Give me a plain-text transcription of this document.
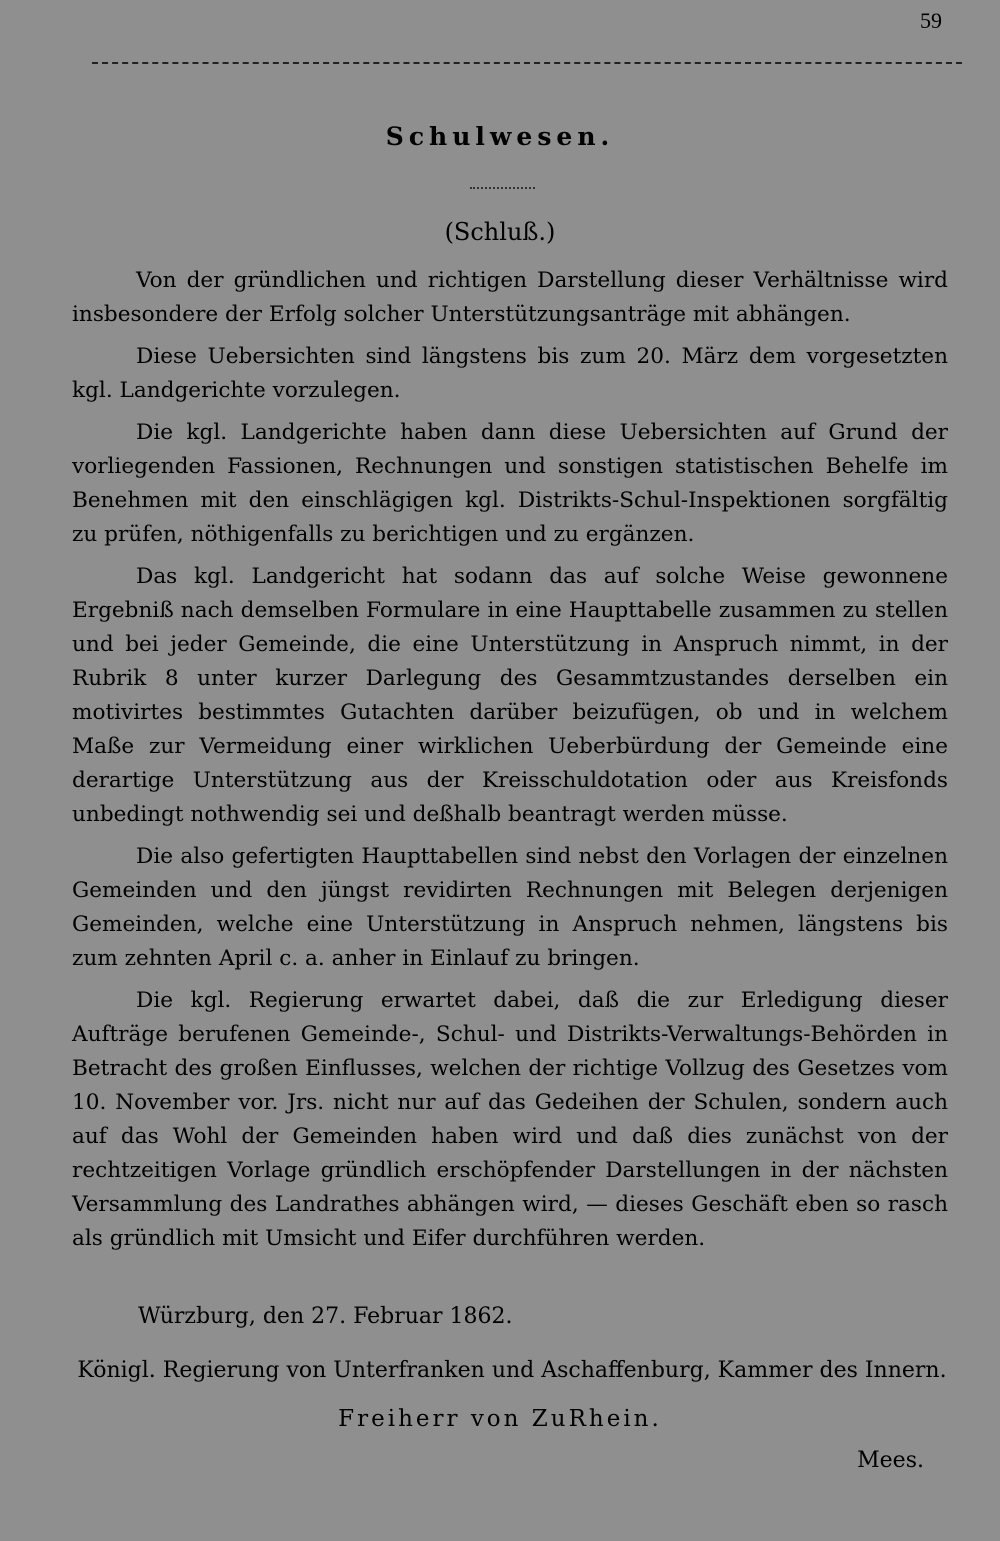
59
Schulwesen.
(Schluß.)

Von der gründlichen und richtigen Darstellung dieser Verhältnisse wird insbesondere der Erfolg solcher Unterstützungsanträge mit abhängen.

Diese Uebersichten sind längstens bis zum 20. März dem vorgesetzten kgl. Landgerichte vorzulegen.

Die kgl. Landgerichte haben dann diese Uebersichten auf Grund der vorliegenden Fassionen, Rechnungen und sonstigen statistischen Behelfe im Benehmen mit den einschlägigen kgl. Distrikts-Schul-Inspektionen sorgfältig zu prüfen, nöthigenfalls zu berichtigen und zu ergänzen.

Das kgl. Landgericht hat sodann das auf solche Weise gewonnene Ergebniß nach demselben Formulare in eine Haupttabelle zusammen zu stellen und bei jeder Gemeinde, die eine Unterstützung in Anspruch nimmt, in der Rubrik 8 unter kurzer Darlegung des Gesammtzustandes derselben ein motivirtes bestimmtes Gutachten darüber beizufügen, ob und in welchem Maße zur Vermeidung einer wirklichen Ueberbürdung der Gemeinde eine derartige Unterstützung aus der Kreisschuldotation oder aus Kreisfonds unbedingt nothwendig sei und deßhalb beantragt werden müsse.

Die also gefertigten Haupttabellen sind nebst den Vorlagen der einzelnen Gemeinden und den jüngst revidirten Rechnungen mit Belegen derjenigen Gemeinden, welche eine Unterstützung in Anspruch nehmen, längstens bis zum zehnten April c. a. anher in Einlauf zu bringen.

Die kgl. Regierung erwartet dabei, daß die zur Erledigung dieser Aufträge berufenen Gemeinde-, Schul- und Distrikts-Verwaltungs-Behörden in Betracht des großen Einflusses, welchen der richtige Vollzug des Gesetzes vom 10. November vor. Jrs. nicht nur auf das Gedeihen der Schulen, sondern auch auf das Wohl der Gemeinden haben wird und daß dies zunächst von der rechtzeitigen Vorlage gründlich erschöpfender Darstellungen in der nächsten Versammlung des Landrathes abhängen wird, — dieses Geschäft eben so rasch als gründlich mit Umsicht und Eifer durchführen werden.

Würzburg, den 27. Februar 1862.
Königl. Regierung von Unterfranken und Aschaffenburg, Kammer des Innern.
Freiherr von ZuRhein.
Mees.
